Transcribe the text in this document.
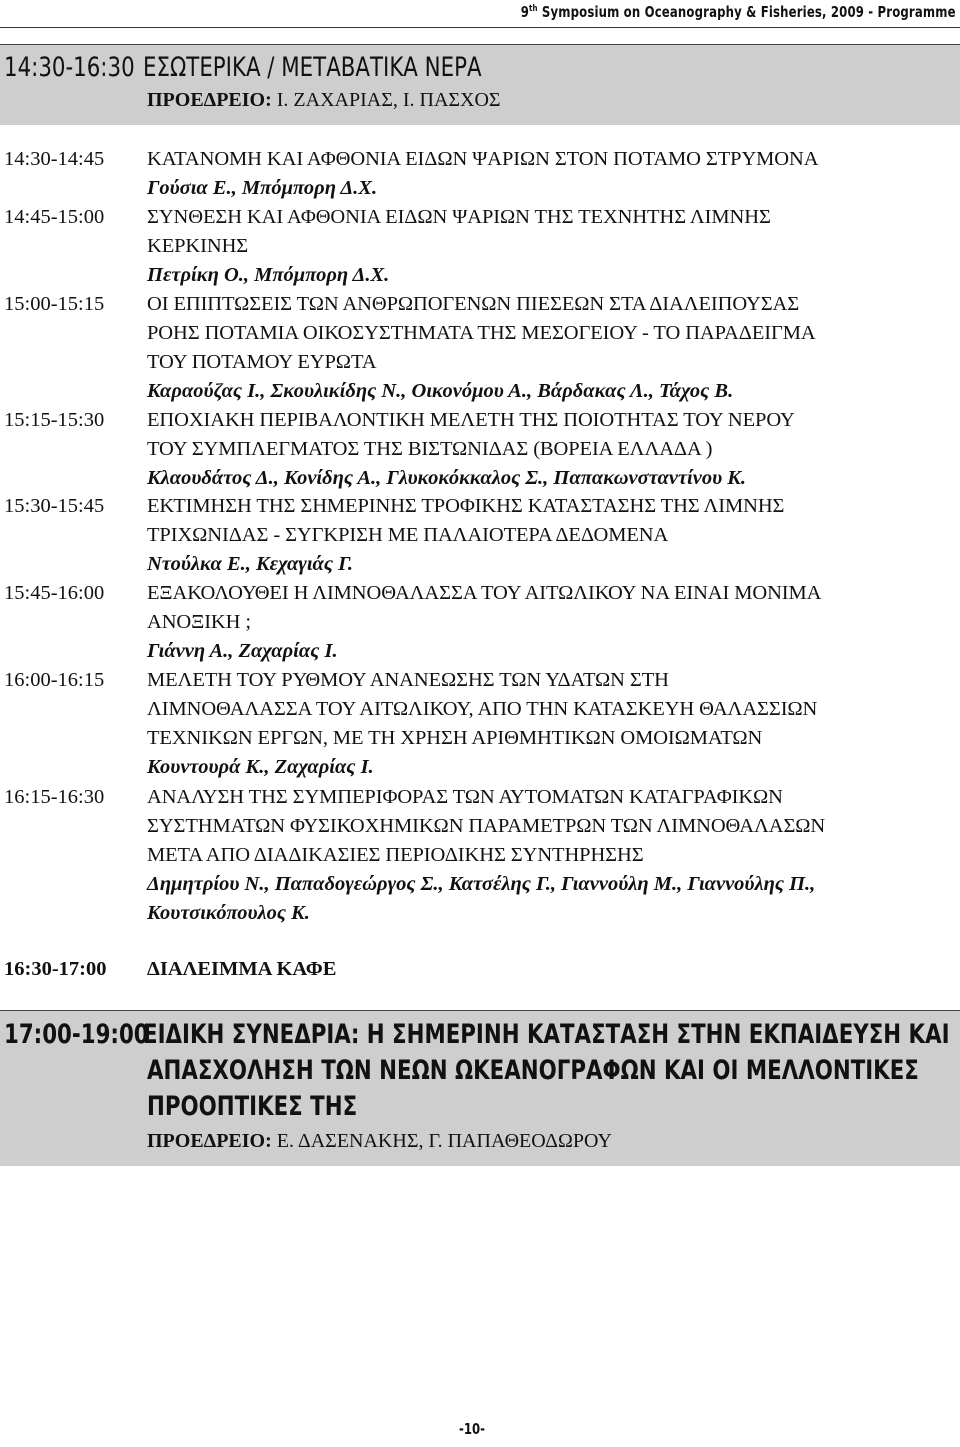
9th Symposium on Oceanography & Fisheries, 2009 - Programme
14:30-16:30 ΕΣΩΤΕΡΙΚΑ / ΜΕΤΑΒΑΤΙΚΑ ΝΕΡΑ
ΠΡΟΕΔΡΕΙΟ: Ι. ΖΑΧΑΡΙΑΣ, Ι. ΠΑΣΧΟΣ
14:30-14:45 ΚΑΤΑΝΟΜΗ ΚΑΙ ΑΦΘΟΝΙΑ ΕΙΔΩΝ ΨΑΡΙΩΝ ΣΤΟΝ ΠΟΤΑΜΟ ΣΤΡΥΜΟΝΑ
Γούσια Ε., Μπόμπορη Δ.Χ.
14:45-15:00 ΣΥΝΘΕΣΗ ΚΑΙ ΑΦΘΟΝΙΑ ΕΙΔΩΝ ΨΑΡΙΩΝ ΤΗΣ ΤΕΧΝΗΤΗΣ ΛΙΜΝΗΣ
ΚΕΡΚΙΝΗΣ
Πετρίκη Ο., Μπόμπορη Δ.Χ.
15:00-15:15 ΟΙ ΕΠΙΠΤΩΣΕΙΣ ΤΩΝ ΑΝΘΡΩΠΟΓΕΝΩΝ ΠΙΕΣΕΩΝ ΣΤΑ ΔΙΑΛΕΙΠΟΥΣΑΣ
ΡΟΗΣ ΠΟΤΑΜΙΑ ΟΙΚΟΣΥΣΤΗΜΑΤΑ ΤΗΣ ΜΕΣΟΓΕΙΟΥ - ΤΟ ΠΑΡΑΔΕΙΓΜΑ
ΤΟΥ ΠΟΤΑΜΟΥ ΕΥΡΩΤΑ
Καραούζας Ι., Σκουλικίδης Ν., Οικονόμου Α., Βάρδακας Λ., Τάχος Β.
15:15-15:30 ΕΠΟΧΙΑΚΗ ΠΕΡΙΒΑΛΟΝΤΙΚΗ ΜΕΛΕΤΗ ΤΗΣ ΠΟΙΟΤΗΤΑΣ ΤΟΥ ΝΕΡΟΥ
ΤΟΥ ΣΥΜΠΛΕΓΜΑΤΟΣ ΤΗΣ ΒΙΣΤΩΝΙΔΑΣ (ΒΟΡΕΙΑ ΕΛΛΑΔΑ )
Κλαουδάτος Δ., Κονίδης Α., Γλυκοκόκκαλος Σ., Παπακωνσταντίνου Κ.
15:30-15:45 ΕΚΤΙΜΗΣΗ ΤΗΣ ΣΗΜΕΡΙΝΗΣ ΤΡΟΦΙΚΗΣ ΚΑΤΑΣΤΑΣΗΣ ΤΗΣ ΛΙΜΝΗΣ
ΤΡΙΧΩΝΙΔΑΣ - ΣΥΓΚΡΙΣΗ ΜΕ ΠΑΛΑΙΟΤΕΡΑ ΔΕΔΟΜΕΝΑ
Ντούλκα Ε., Κεχαγιάς Γ.
15:45-16:00 ΕΞΑΚΟΛΟΥΘΕΙ Η ΛΙΜΝΟΘΑΛΑΣΣΑ ΤΟΥ ΑΙΤΩΛΙΚΟΥ ΝΑ ΕΙΝΑΙ ΜΟΝΙΜΑ
ΑΝΟΞΙΚΗ ;
Γιάννη Α., Ζαχαρίας Ι.
16:00-16:15 ΜΕΛΕΤΗ ΤΟΥ ΡΥΘΜΟΥ ΑΝΑΝΕΩΣΗΣ ΤΩΝ ΥΔΑΤΩΝ ΣΤΗ
ΛΙΜΝΟΘΑΛΑΣΣΑ ΤΟΥ ΑΙΤΩΛΙΚΟΥ, ΑΠΟ ΤΗΝ ΚΑΤΑΣΚΕΥΗ ΘΑΛΑΣΣΙΩΝ
ΤΕΧΝΙΚΩΝ ΕΡΓΩΝ, ΜΕ ΤΗ ΧΡΗΣΗ ΑΡΙΘΜΗΤΙΚΩΝ ΟΜΟΙΩΜΑΤΩΝ
Κουντουρά Κ., Ζαχαρίας Ι.
16:15-16:30 ΑΝΑΛΥΣΗ ΤΗΣ ΣΥΜΠΕΡΙΦΟΡΑΣ ΤΩΝ ΑΥΤΟΜΑΤΩΝ ΚΑΤΑΓΡΑΦΙΚΩΝ
ΣΥΣΤΗΜΑΤΩΝ ΦΥΣΙΚΟΧΗΜΙΚΩΝ ΠΑΡΑΜΕΤΡΩΝ ΤΩΝ ΛΙΜΝΟΘΑΛΑΣΩΝ
ΜΕΤΑ ΑΠΟ ΔΙΑΔΙΚΑΣΙΕΣ ΠΕΡΙΟΔΙΚΗΣ ΣΥΝΤΗΡΗΣΗΣ
Δημητρίου Ν., Παπαδογεώργος Σ., Κατσέλης Γ., Γιαννούλη Μ., Γιαννούλης Π., Κουτσικόπουλος Κ.
16:30-17:00 ΔΙΑΛΕΙΜΜΑ ΚΑΦΕ
17:00-19:00ΕΙΔΙΚΗ ΣΥΝΕΔΡΙΑ: Η ΣΗΜΕΡΙΝΗ ΚΑΤΑΣΤΑΣΗ ΣΤΗΝ ΕΚΠΑΙΔΕΥΣΗ ΚΑΙ
ΑΠΑΣΧΟΛΗΣΗ ΤΩΝ ΝΕΩΝ ΩΚΕΑΝΟΓΡΑΦΩΝ ΚΑΙ ΟΙ ΜΕΛΛΟΝΤΙΚΕΣ
ΠΡΟΟΠΤΙΚΕΣ ΤΗΣ
ΠΡΟΕΔΡΕΙΟ: Ε. ΔΑΣΕΝΑΚΗΣ, Γ. ΠΑΠΑΘΕΟΔΩΡΟΥ
-10-
